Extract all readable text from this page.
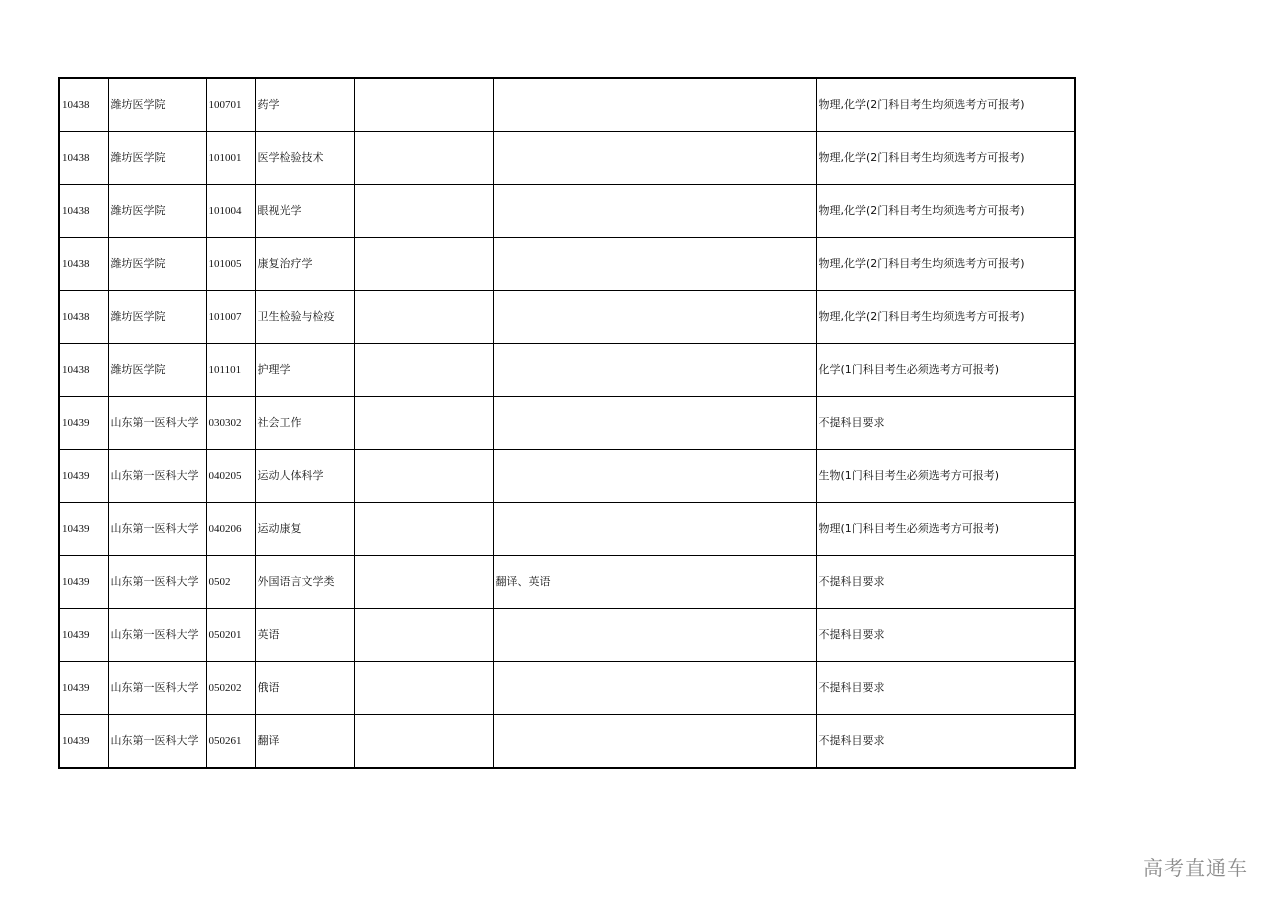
10438	潍坊医学院	100701	药学			物理,化学(2门科目考生均须选考方可报考)
10438	潍坊医学院	101001	医学检验技术			物理,化学(2门科目考生均须选考方可报考)
10438	潍坊医学院	101004	眼视光学			物理,化学(2门科目考生均须选考方可报考)
10438	潍坊医学院	101005	康复治疗学			物理,化学(2门科目考生均须选考方可报考)
10438	潍坊医学院	101007	卫生检验与检疫			物理,化学(2门科目考生均须选考方可报考)
10438	潍坊医学院	101101	护理学			化学(1门科目考生必须选考方可报考)
10439	山东第一医科大学	030302	社会工作			不提科目要求
10439	山东第一医科大学	040205	运动人体科学			生物(1门科目考生必须选考方可报考)
10439	山东第一医科大学	040206	运动康复			物理(1门科目考生必须选考方可报考)
10439	山东第一医科大学	0502	外国语言文学类		翻译、英语	不提科目要求
10439	山东第一医科大学	050201	英语			不提科目要求
10439	山东第一医科大学	050202	俄语			不提科目要求
10439	山东第一医科大学	050261	翻译			不提科目要求
高考直通车
